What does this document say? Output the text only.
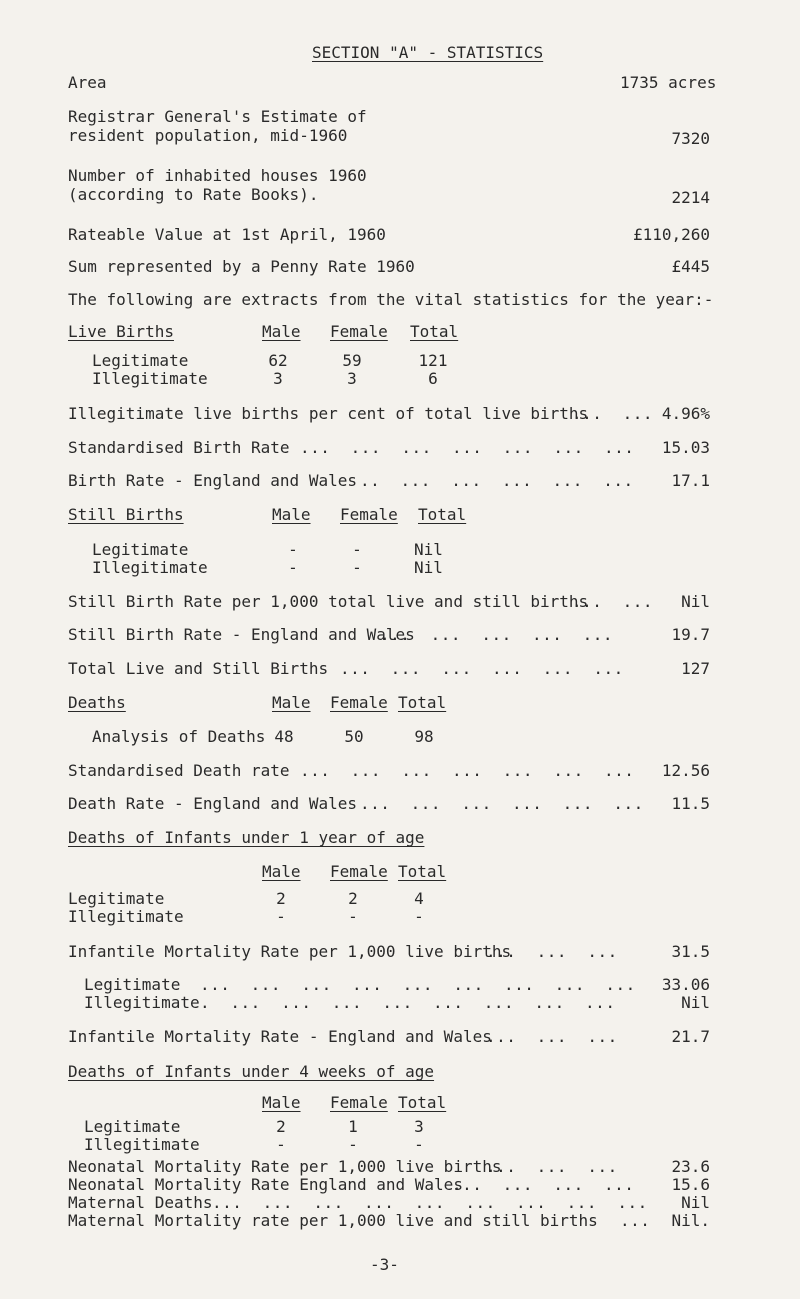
SECTION "A" - STATISTICS
Area	1735 acres
Registrar General's Estimate of
resident population, mid-1960	7320
Number of inhabited houses 1960
(according to Rate Books).	2214
Rateable Value at 1st April, 1960	£110,260
Sum represented by a Penny Rate 1960	£445
The following are extracts from the vital statistics for the year:-
Live Births	Male Female Total
Legitimate	62	59	121
Illegitimate	3	3	6
Illegitimate live births per cent of total live births
...  ... 4.96%
Standardised Birth Rate ...  ...  ...  ...  ...  ...  ...	15.03
Birth Rate - England and Wales ..  ...  ...  ...  ...  ...	17.1
Still Births	Male Female Total
Legitimate	-	-	Nil
Illegitimate	-	-	Nil
Still Birth Rate per 1,000 total live and still births
...  ...	Nil
Still Birth Rate - England and Wales
...  ...  ...  ...  ...	19.7
Total Live and Still Births ...  ...  ...  ...  ...  ...	127
Deaths	Male Female Total
Analysis of Deaths 48	50	98
Standardised Death rate ...  ...  ...  ...  ...  ...  ...	12.56
Death Rate - England and Wales ...  ...  ...  ...  ...  ...	11.5
Deaths of Infants under 1 year of age
Male Female Total
Legitimate	2	2	4
Illegitimate	-	-	-
Infantile Mortality Rate per 1,000 live births
...  ...  ...	31.5
Legitimate ...  ...  ...  ...  ...  ...  ...  ...  ...	33.06
Illegitimate .  ...  ...  ...  ...  ...  ...  ...  ...	Nil
Infantile Mortality Rate - England and Wales
...  ...  ...	21.7
Deaths of Infants under 4 weeks of age
Male Female Total
Legitimate	2	1	3
Illegitimate	-	-	-
Neonatal Mortality Rate per 1,000 live births
...  ...  ...	23.6
Neonatal Mortality Rate England and Wales
...  ...  ...  ...	15.6
Maternal Deaths ...  ...  ...  ...  ...  ...  ...  ...  ...	Nil
Maternal Mortality rate per 1,000 live and still births ...	Nil.
-3-
